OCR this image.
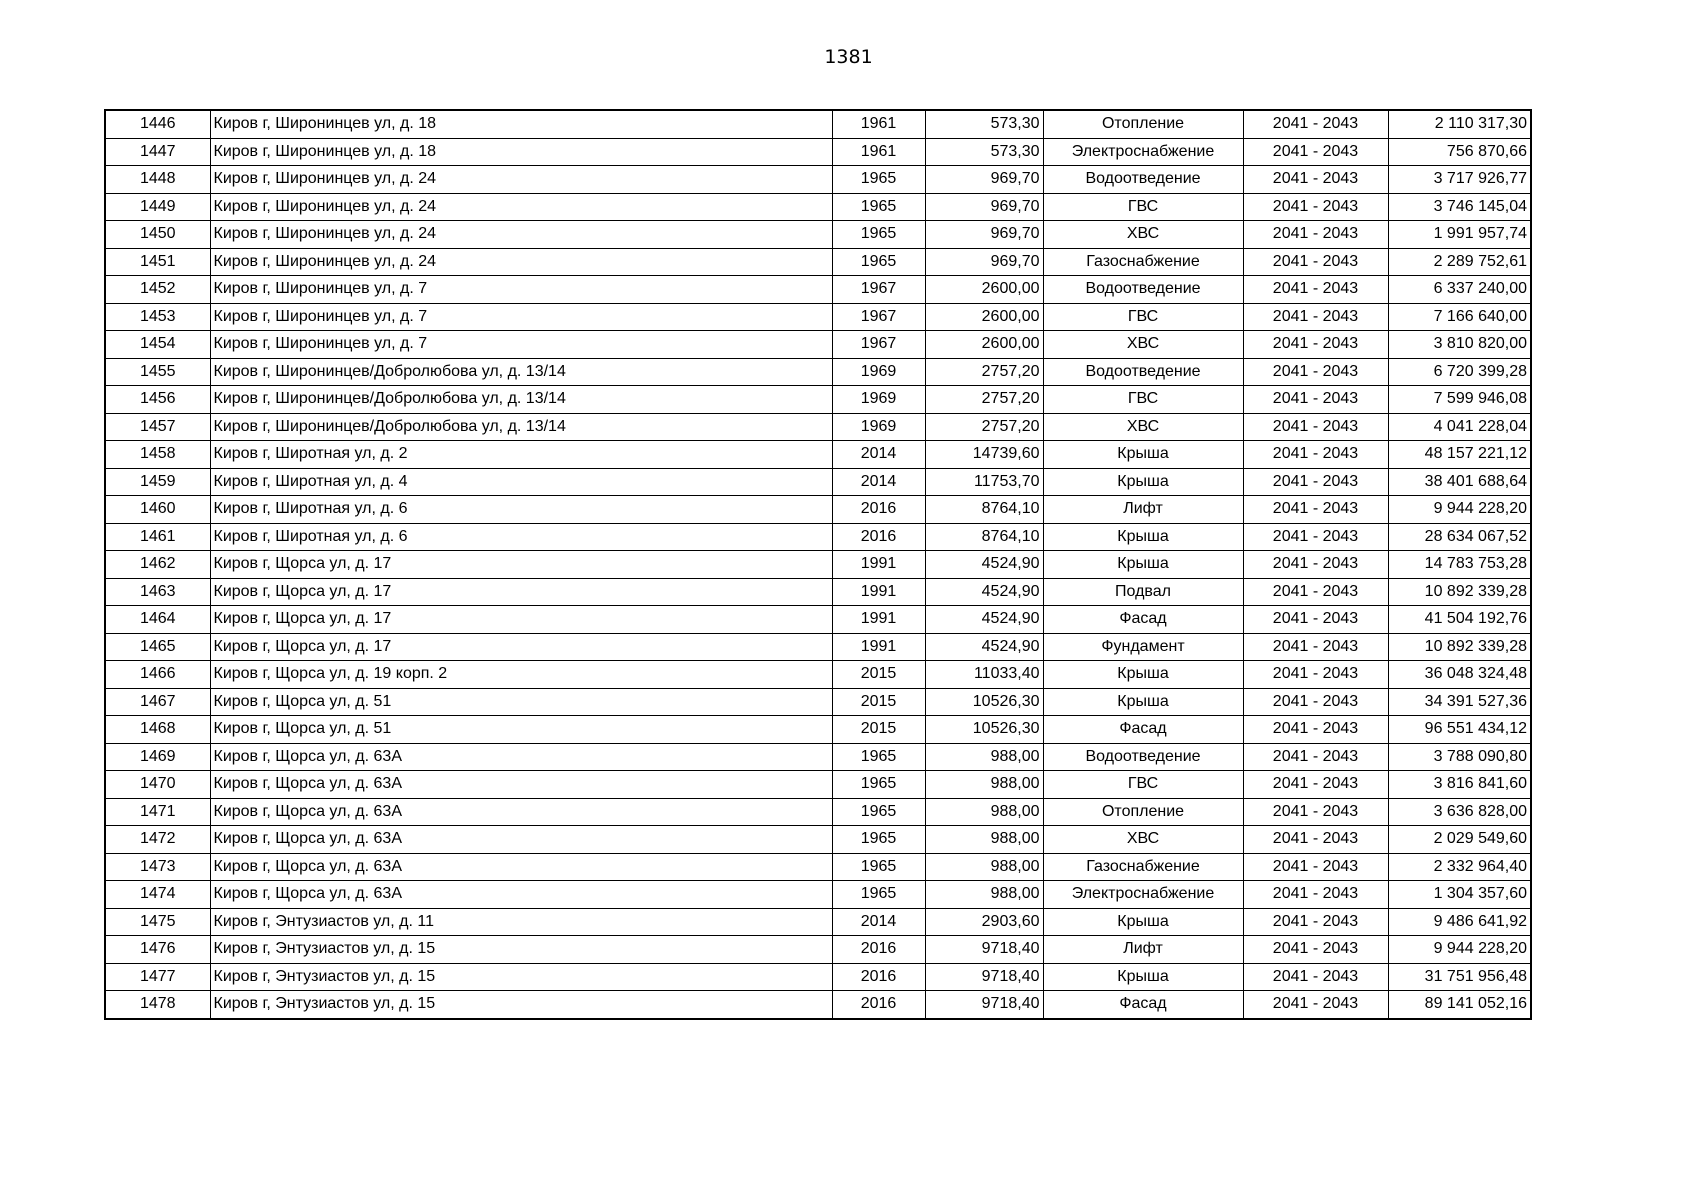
1381
1446	Киров г, Широнинцев ул, д. 18	1961	573,30	Отопление	2041 - 2043	2 110 317,30
1447	Киров г, Широнинцев ул, д. 18	1961	573,30	Электроснабжение	2041 - 2043	756 870,66
1448	Киров г, Широнинцев ул, д. 24	1965	969,70	Водоотведение	2041 - 2043	3 717 926,77
1449	Киров г, Широнинцев ул, д. 24	1965	969,70	ГВС	2041 - 2043	3 746 145,04
1450	Киров г, Широнинцев ул, д. 24	1965	969,70	ХВС	2041 - 2043	1 991 957,74
1451	Киров г, Широнинцев ул, д. 24	1965	969,70	Газоснабжение	2041 - 2043	2 289 752,61
1452	Киров г, Широнинцев ул, д. 7	1967	2600,00	Водоотведение	2041 - 2043	6 337 240,00
1453	Киров г, Широнинцев ул, д. 7	1967	2600,00	ГВС	2041 - 2043	7 166 640,00
1454	Киров г, Широнинцев ул, д. 7	1967	2600,00	ХВС	2041 - 2043	3 810 820,00
1455	Киров г, Широнинцев/Добролюбова ул, д. 13/14	1969	2757,20	Водоотведение	2041 - 2043	6 720 399,28
1456	Киров г, Широнинцев/Добролюбова ул, д. 13/14	1969	2757,20	ГВС	2041 - 2043	7 599 946,08
1457	Киров г, Широнинцев/Добролюбова ул, д. 13/14	1969	2757,20	ХВС	2041 - 2043	4 041 228,04
1458	Киров г, Широтная ул, д. 2	2014	14739,60	Крыша	2041 - 2043	48 157 221,12
1459	Киров г, Широтная ул, д. 4	2014	11753,70	Крыша	2041 - 2043	38 401 688,64
1460	Киров г, Широтная ул, д. 6	2016	8764,10	Лифт	2041 - 2043	9 944 228,20
1461	Киров г, Широтная ул, д. 6	2016	8764,10	Крыша	2041 - 2043	28 634 067,52
1462	Киров г, Щорса ул, д. 17	1991	4524,90	Крыша	2041 - 2043	14 783 753,28
1463	Киров г, Щорса ул, д. 17	1991	4524,90	Подвал	2041 - 2043	10 892 339,28
1464	Киров г, Щорса ул, д. 17	1991	4524,90	Фасад	2041 - 2043	41 504 192,76
1465	Киров г, Щорса ул, д. 17	1991	4524,90	Фундамент	2041 - 2043	10 892 339,28
1466	Киров г, Щорса ул, д. 19 корп. 2	2015	11033,40	Крыша	2041 - 2043	36 048 324,48
1467	Киров г, Щорса ул, д. 51	2015	10526,30	Крыша	2041 - 2043	34 391 527,36
1468	Киров г, Щорса ул, д. 51	2015	10526,30	Фасад	2041 - 2043	96 551 434,12
1469	Киров г, Щорса ул, д. 63А	1965	988,00	Водоотведение	2041 - 2043	3 788 090,80
1470	Киров г, Щорса ул, д. 63А	1965	988,00	ГВС	2041 - 2043	3 816 841,60
1471	Киров г, Щорса ул, д. 63А	1965	988,00	Отопление	2041 - 2043	3 636 828,00
1472	Киров г, Щорса ул, д. 63А	1965	988,00	ХВС	2041 - 2043	2 029 549,60
1473	Киров г, Щорса ул, д. 63А	1965	988,00	Газоснабжение	2041 - 2043	2 332 964,40
1474	Киров г, Щорса ул, д. 63А	1965	988,00	Электроснабжение	2041 - 2043	1 304 357,60
1475	Киров г, Энтузиастов ул, д. 11	2014	2903,60	Крыша	2041 - 2043	9 486 641,92
1476	Киров г, Энтузиастов ул, д. 15	2016	9718,40	Лифт	2041 - 2043	9 944 228,20
1477	Киров г, Энтузиастов ул, д. 15	2016	9718,40	Крыша	2041 - 2043	31 751 956,48
1478	Киров г, Энтузиастов ул, д. 15	2016	9718,40	Фасад	2041 - 2043	89 141 052,16
